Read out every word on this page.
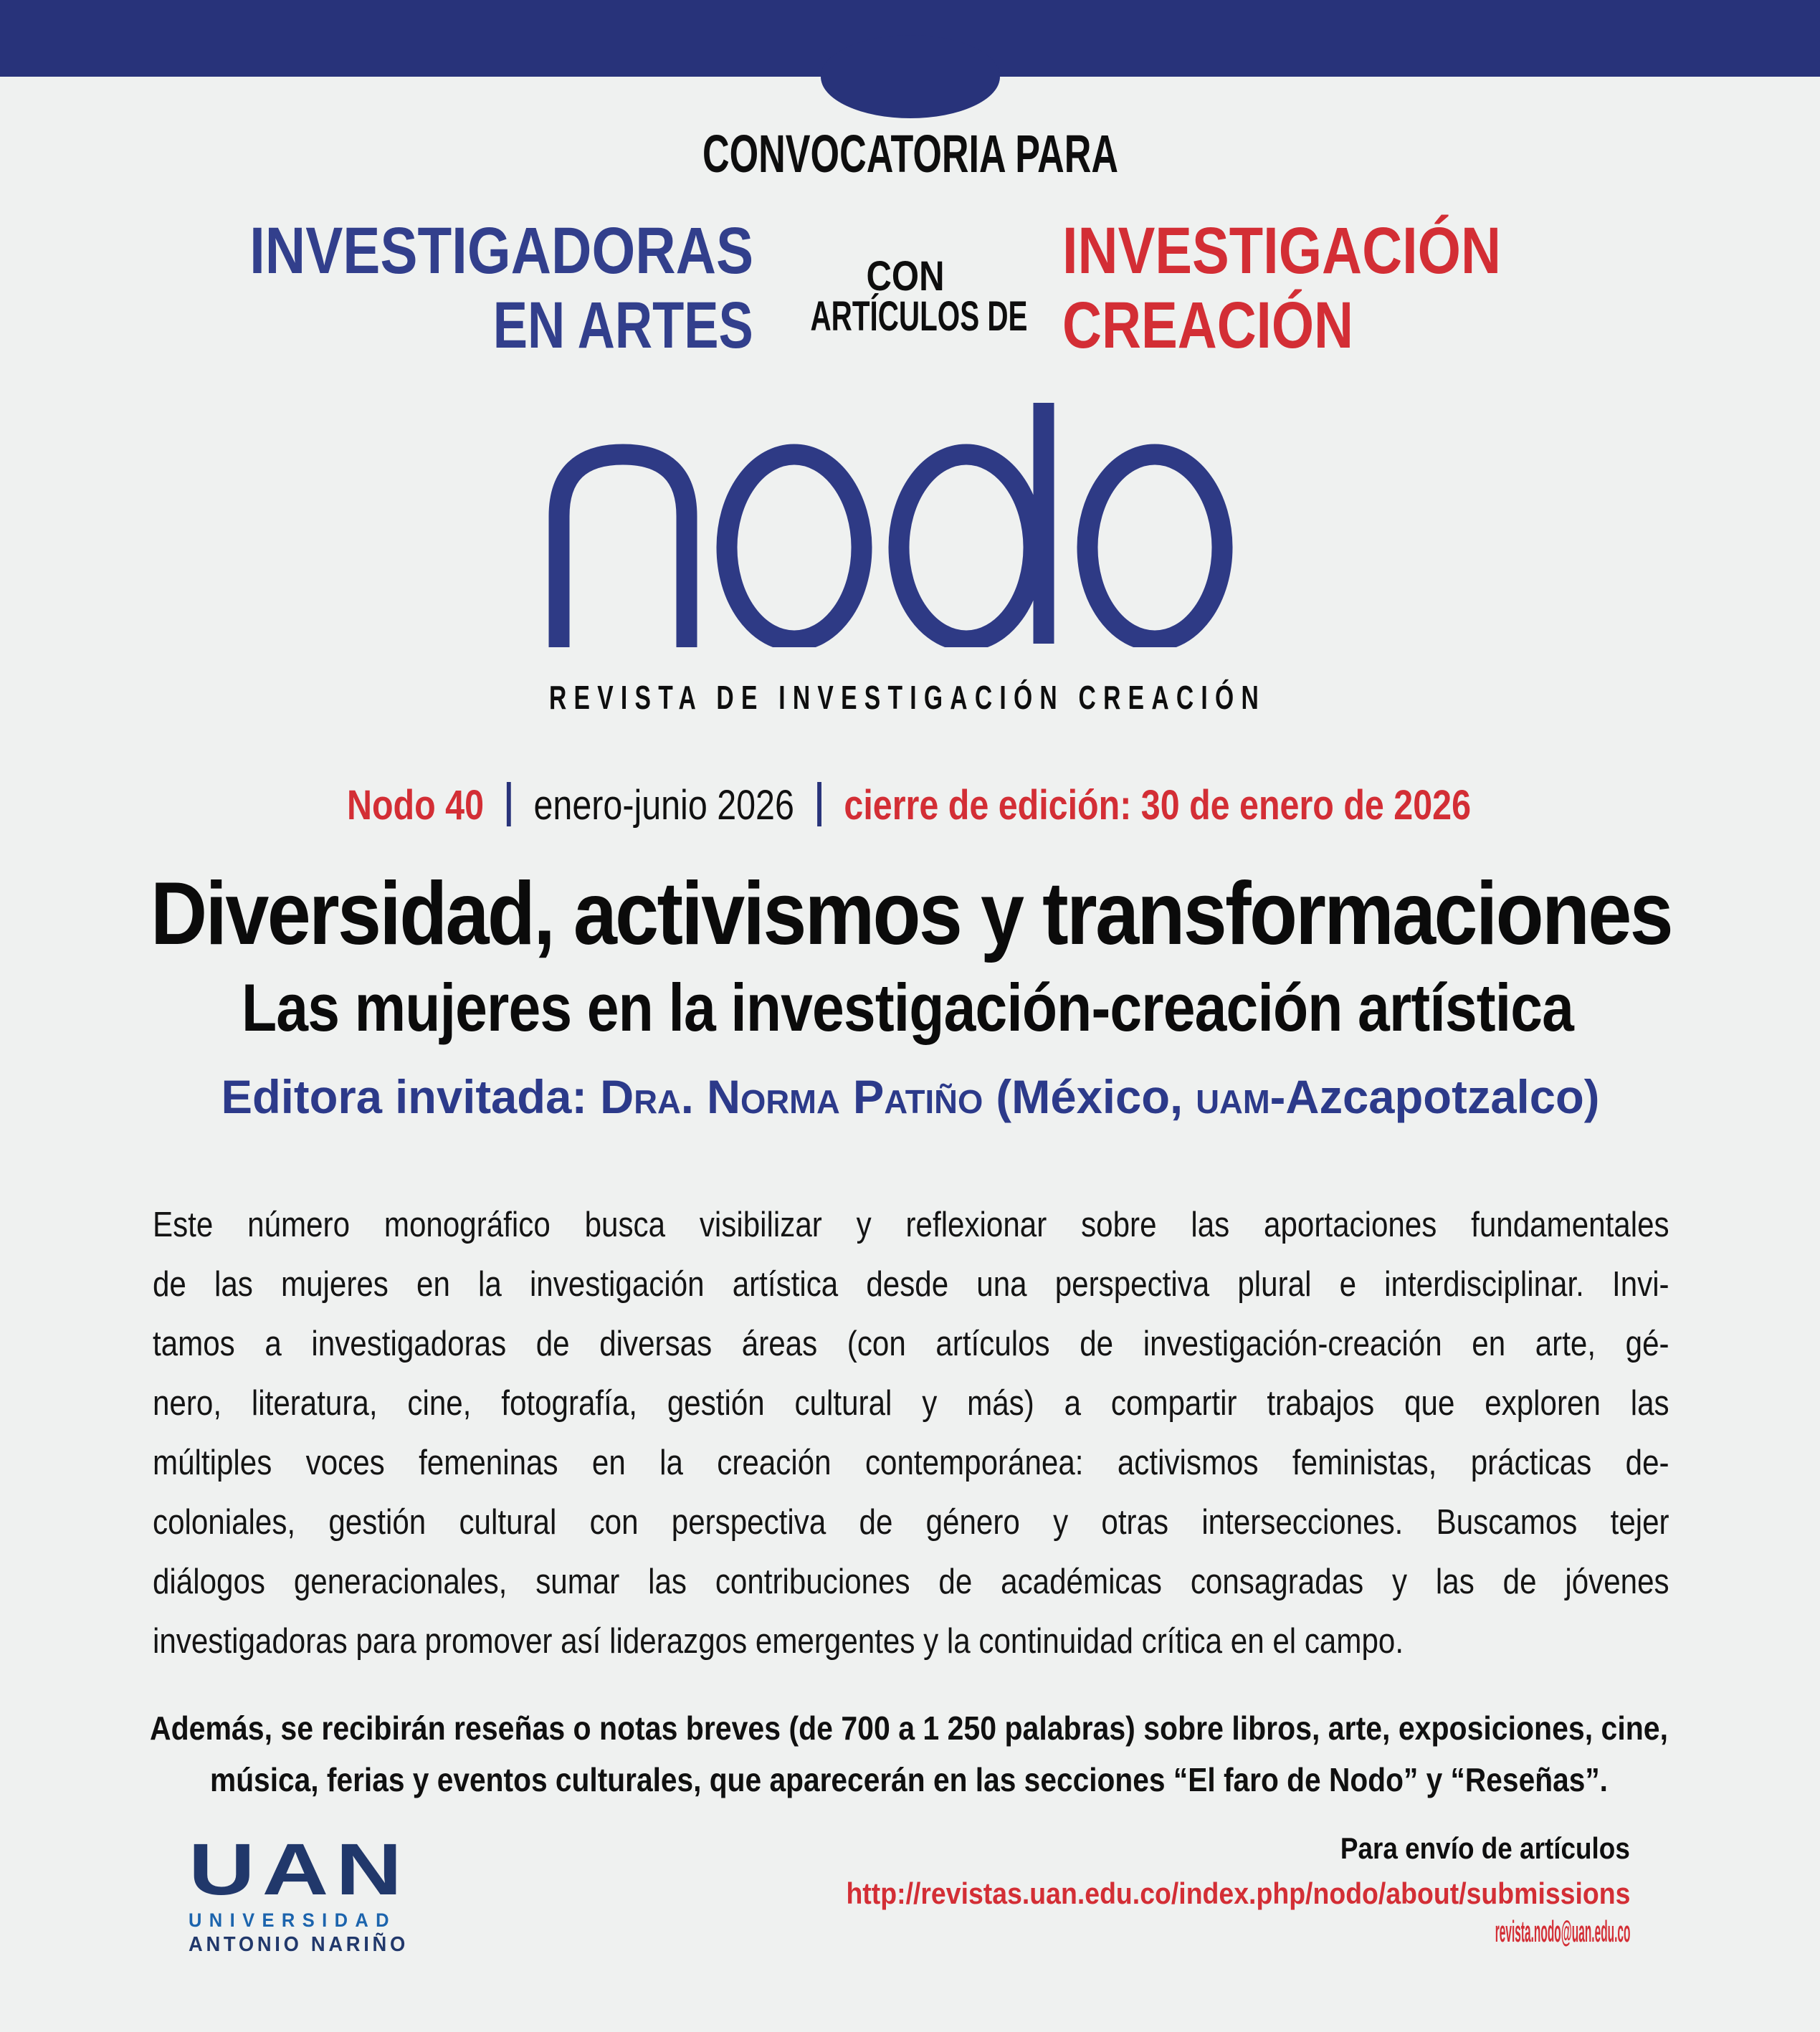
CONVOCATORIA PARA
INVESTIGADORAS
EN ARTES
CON
ARTÍCULOS DE
INVESTIGACIÓN
CREACIÓN
REVISTA DE INVESTIGACIÓN CREACIÓN
Nodo 40 enero-junio 2026 cierre de edición: 30 de enero de 2026
Diversidad, activismos y transformaciones
Las mujeres en la investigación-creación artística
Editora invitada: Dra. Norma Patiño (México, uam-Azcapotzalco)
Este número monográfico busca visibilizar y reflexionar sobre las aportaciones fundamentales
de las mujeres en la investigación artística desde una perspectiva plural e interdisciplinar. Invi-
tamos a investigadoras de diversas áreas (con artículos de investigación-creación en arte, gé-
nero, literatura, cine, fotografía, gestión cultural y más) a compartir trabajos que exploren las
múltiples voces femeninas en la creación contemporánea: activismos feministas, prácticas de-
coloniales, gestión cultural con perspectiva de género y otras intersecciones. Buscamos tejer
diálogos generacionales, sumar las contribuciones de académicas consagradas y las de jóvenes
investigadoras para promover así liderazgos emergentes y la continuidad crítica en el campo.
Además, se recibirán reseñas o notas breves (de 700 a 1 250 palabras) sobre libros, arte, exposiciones, cine,
música, ferias y eventos culturales, que aparecerán en las secciones “El faro de Nodo” y “Reseñas”.
UAN
UNIVERSIDAD
ANTONIO NARIÑO
Para envío de artículos
http://revistas.uan.edu.co/index.php/nodo/about/submissions
revista.nodo@uan.edu.co
